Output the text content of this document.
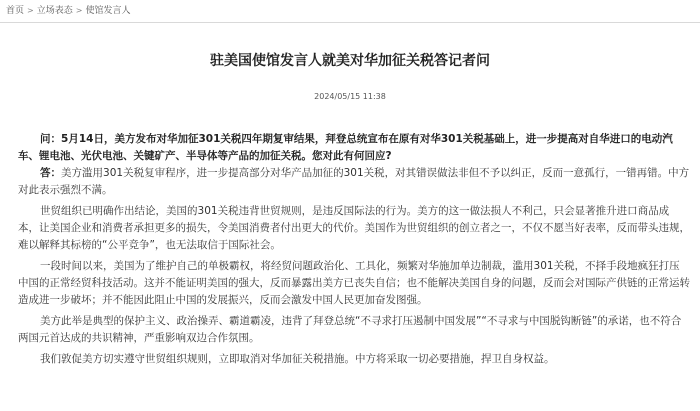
首页 > 立场表态 > 使馆发言人
驻美国使馆发言人就美对华加征关税答记者问
2024/05/15 11:38

问：5月14日，美方发布对华加征301关税四年期复审结果，拜登总统宣布在原有对华301关税基础上，进一步提高对自华进口的电动汽车、锂电池、光伏电池、关键矿产、半导体等产品的加征关税。您对此有何回应?

答：美方滥用301关税复审程序，进一步提高部分对华产品加征的301关税，对其错误做法非但不予以纠正，反而一意孤行，一错再错。中方对此表示强烈不满。

世贸组织已明确作出结论，美国的301关税违背世贸规则，是违反国际法的行为。美方的这一做法损人不利己，只会显著推升进口商品成本，让美国企业和消费者承担更多的损失，令美国消费者付出更大的代价。美国作为世贸组织的创立者之一，不仅不愿当好表率，反而带头违规，难以解释其标榜的“公平竞争”，也无法取信于国际社会。

一段时间以来，美国为了维护自己的单极霸权，将经贸问题政治化、工具化，频繁对华施加单边制裁，滥用301关税，不择手段地疯狂打压中国的正常经贸科技活动。这并不能证明美国的强大，反而暴露出美方已丧失自信；也不能解决美国自身的问题，反而会对国际产供链的正常运转造成进一步破坏；并不能因此阻止中国的发展振兴，反而会激发中国人民更加奋发图强。

美方此举是典型的保护主义、政治操弄、霸道霸凌，违背了拜登总统“不寻求打压遏制中国发展”“不寻求与中国脱钩断链”的承诺，也不符合两国元首达成的共识精神，严重影响双边合作氛围。

我们敦促美方切实遵守世贸组织规则，立即取消对华加征关税措施。中方将采取一切必要措施，捍卫自身权益。
